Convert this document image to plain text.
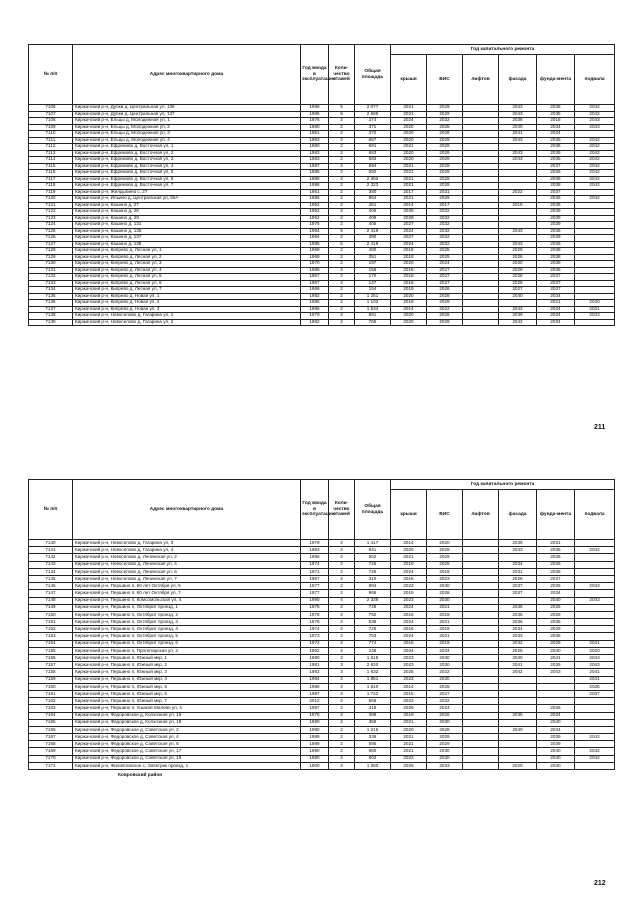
№ п/п	Адрес многоквартирного дома	Год ввода в эксплуатацию	Коли-чество этажей	Общая площадь	Год капитального ремонта					
					крыши	ВИС	лифтов	фасада	фунда-мента	подвала
7106	Киржачский р-н, Дубки д, Центральная ул, 136	1986	5	2 077	2021	2029		2043	2036	2042
7107	Киржачский р-н, Дубки д, Центральная ул, 137	1986	5	2 685	2021	2029		2043	2035	2042
7108	Киржачский р-н, Ельцы д, Молодежная ул, 1	1976	2	374	2024	2032		2038	2018	2043
7109	Киржачский р-н, Ельцы д, Молодежная ул, 2	1980	2	371	2020	2028		2040	2034	2043
7110	Киржачский р-н, Ельцы д, Молодежная ул, 3	1981	2	370	2020	2028		2041	2034	
7111	Киржачский р-н, Ельцы д, Молодежная ул, 4	1983	2	667	2020	2029		2043	2035	2042
7112	Киржачский р-н, Ефремово д, Восточная ул, 1	1980	2	691	2021	2029			2036	2042
7113	Киржачский р-н, Ефремово д, Восточная ул, 2	1983	2	683	2020	2029		2043	2035	2042
7114	Киржачский р-н, Ефремово д, Восточная ул, 3	1983	2	683	2020	2029		2043	2035	2042
7115	Киржачский р-н, Ефремово д, Восточная ул, 4	1987	2	694	2021	2029			2037	2042
7116	Киржачский р-н, Ефремово д, Восточная ул, 5	1986	2	692	2021	2029			2036	2042
7117	Киржачский р-н, Ефремово д, Восточная ул, 6	1986	2	2 362	2021	2029			2036	2042
7118	Киржачский р-н, Ефремово д, Восточная ул, 7	1988	2	2 323	2021	2029			2038	2042
7119	Киржачский р-н, Желдыбино с, 27	1961	2	380	2017	2031		2022	2037	
7120	Киржачский р-н, Ильино д, Центральная ул, 50А	1986	2	864	2021	2029			2035	2042
7121	Киржачский р-н, Кашино д, 27	1952	2	451	2014	2017		2018	2036	
7122	Киржачский р-н, Кашино д, 28	1952	2	406	2028	2032			2039	
7123	Киржачский р-н, Кашино д, 29	1952	2	409	2028	2032			2039	
7124	Киржачский р-н, Кашино д, 131	1976	2	405	2027	2032			2039	
7125	Киржачский р-н, Кашино д, 136	1984	5	2 419	2024	2032		2043	2036	
7126	Киржачский р-н, Кашино д, 137	1984	2	390	2027	2032			2039	
7127	Киржачский р-н, Кашино д, 138	1985	5	2 419	2024	2032		2043	2036	
7128	Киржачский р-н, Кипрево д, Лесная ул, 1	1969	2	480	2018	2025		2029	2038	
7129	Киржачский р-н, Кипрево д, Лесная ул, 2	1969	2	351	2018	2025		2026	2038	
7130	Киржачский р-н, Кипрево д, Лесная ул, 3	1970	2	197	2020	2024		2030	2039	
7131	Киржачский р-н, Кипрево д, Лесная ул, 4	1968	2	156	2018	2027		2028	2036	
7132	Киржачский р-н, Кипрево д, Лесная ул, 5	1967	2	170	2018	2027		2028	2037	
7133	Киржачский р-н, Кипрево д, Лесная ул, 6	1967	2	147	2018	2027		2028	2037	
7134	Киржачский р-н, Кипрево д, Лесная ул, 7	1966	2	154	2019	2026		2027	2037	
7135	Киржачский р-н, Кипрево д, Новая ул, 1	1982	2	1 251	2020	2028		2040	2034	
7136	Киржачский р-н, Кипрево д, Новая ул, 2	1985	2	1 102	2018	2029			2021	2040
7137	Киржачский р-н, Кипрево д, Новая ул, 3	1986	2	1 534	2014	2022		2042	2034	2031
7138	Киржачский р-н, Новоселово д, Гагарина ул, 1	1979	2	861	2020	2028		2039	2034	2043
7139	Киржачский р-н, Новоселово д, Гагарина ул, 2	1982	2	765	2020	2029		2042	2034	
211
№ п/п	Адрес многоквартирного дома	Год ввода в эксплуатацию	Коли-чество этажей	Общая площадь	Год капитального ремонта					
					крыши	ВИС	лифтов	фасада	фунда-мента	подвала
7140	Киржачский р-н, Новоселово д, Гагарина ул, 3	1979	2	1 417	2014	2020		2039	2031	
7141	Киржачский р-н, Новоселово д, Гагарина ул, 4	1983	2	841	2020	2029		2043	2035	2042
7142	Киржачский р-н, Новоселово д, Ленинская ул, 2	1986	2	552	2021	2029			2036	
7143	Киржачский р-н, Новоселово д, Ленинская ул, 4	1974	2	726	2019	2026		2034	2036	
7144	Киржачский р-н, Новоселово д, Ленинская ул, 6	1971	2	726	2024	2018		2031	2038	
7145	Киржачский р-н, Новоселово д, Ленинская ул, 7	1967	2	310	2018	2023		2028	2037	
7146	Киржачский р-н, Першино п, 60 лет Октября ул, 5	1977	2	984	2023	2030		2037	2035	2043
7147	Киржачский р-н, Першино п, 60 лет Октября ул, 7	1977	2	966	2019	2028		2037	2034	
7148	Киржачский р-н, Першино п, Комсомольская ул, 4	1990	4	2 339	2023	2030			2040	2043
7149	Киржачский р-н, Першино п, Октябрит проезд, 1	1976	2	726	2024	2021		2036	2026	
7150	Киржачский р-н, Першино п, Октябрит проезд, 2	1975	2	750	2016	2019		2035	2029	
7151	Киржачский р-н, Першино п, Октябрит проезд, 3	1976	2	538	2024	2021		2036	2035	
7152	Киржачский р-н, Першино п, Октябрит проезд, 4	1974	2	725	2016	2019		2034	2029	
7153	Киржачский р-н, Першино п, Октябрит проезд, 5	1973	2	753	2024	2021		2033	2038	
7154	Киржачский р-н, Першино п, Октябрит проезд, 6	1972	2	774	2015	2019		2032	2028	2041
7155	Киржачский р-н, Першино п, Пролетарская ул, 2	1962	2	249	2024	2034		2025	2040	2020
7156	Киржачский р-н, Першино п, Южный мкр, 1	1980	3	1 615	2023	2030		2040	2041	2043
7157	Киржачский р-н, Першино п, Южный мкр, 2	1981	3	2 620	2023	2030		2041	2035	2043
7158	Киржачский р-н, Першино п, Южный мкр, 3	1982	3	1 632	2025	2022		2042	2043	2041
7159	Киржачский р-н, Першино п, Южный мкр, 4	1984	3	1 851	2023	2030				2041
7160	Киржачский р-н, Першино п, Южный мкр, 5	1986	3	1 810	2014	2026				2036
7161	Киржачский р-н, Першино п, Южный мкр, 6	1987	3	1 722	2015	2027				2037
7162	Киржачский р-н, Першино п, Южный мкр, 7	2012	2	556	2023	2032				
7163	Киржачский р-н, Першино п, Ушаков Малево ул, 4	1987	2	418	2026	2024			2036	
7164	Киржачский р-н, Федоровское д, Колхозная ул, 16	1975	2	389	2019	2026		2035	2034	
7165	Киржачский р-н, Федоровское д, Колхозная ул, 19	1990	2	359	2021	2030			2040	
7166	Киржачский р-н, Федоровское д, Советская ул, 2	1980	2	1 215	2020	2028		2040	2034	
7167	Киржачский р-н, Федоровское д, Советская ул, 4	1989	2	339	2021	2029			2039	2042
7168	Киржачский р-н, Федоровское д, Советская ул, 6	1989	2	595	2021	2029			2039	
7169	Киржачский р-н, Федоровское д, Советская ул, 17	1990	2	860	2021	2030			2040	2042
7170	Киржачский р-н, Федоровское д, Советская ул, 19	1990	2	802	2022	2030			2040	2042
7171	Киржачский р-н, Филипповское с, Электрик проезд, 1	1800	3	1 080	2026	2033		2020	2040	
Ковровский район
212
